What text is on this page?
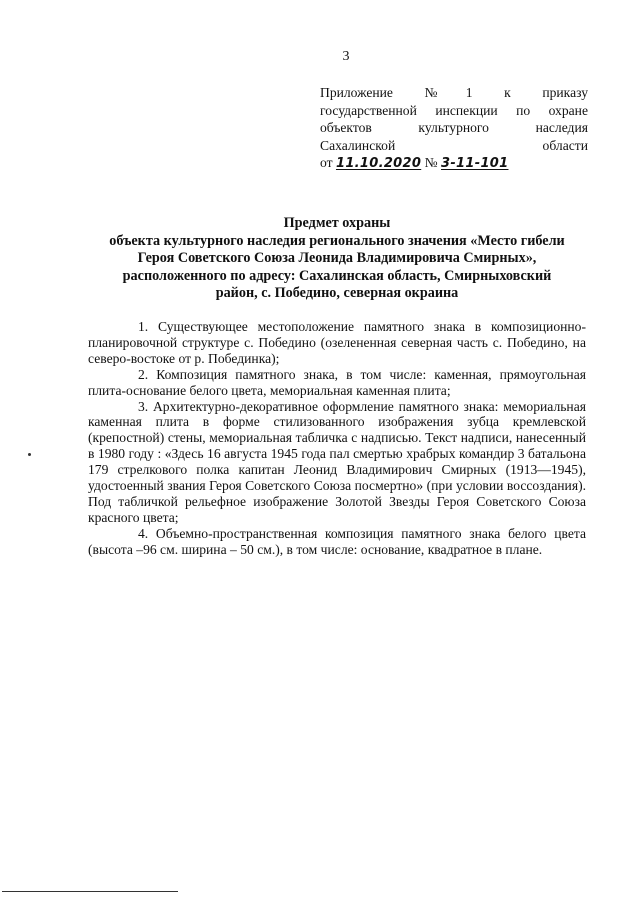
3
Приложение №1 к приказу
государственной инспекции по охране
объектов культурного наследия
Сахалинской области
от 11.10.2020 № 3-11-101
Предмет охраны
объекта культурного наследия регионального значения «Место гибели
Героя Советского Союза Леонида Владимировича Смирных»,
расположенного по адресу: Сахалинская область, Смирныховский
район, с. Победино, северная окраина

1. Существующее местоположение памятного знака в композиционно-планировочной структуре с. Победино (озелененная северная часть с. Победино, на северо-востоке от р. Побединка);

2. Композиция памятного знака, в том числе: каменная, прямоугольная плита-основание белого цвета, мемориальная каменная плита;

3. Архитектурно-декоративное оформление памятного знака: мемориальная каменная плита в форме стилизованного изображения зубца кремлевской (крепостной) стены, мемориальная табличка с надписью. Текст надписи, нанесенный в 1980 году : «Здесь 16 августа 1945 года пал смертью храбрых командир 3 батальона 179 стрелкового полка капитан Леонид Владимирович Смирных (1913—1945), удостоенный звания Героя Советского Союза посмертно» (при условии воссоздания). Под табличкой рельефное изображение Золотой Звезды Героя Советского Союза красного цвета;

4. Объемно-пространственная композиция памятного знака белого цвета (высота –96 см. ширина – 50 см.), в том числе: основание, квадратное в плане.
